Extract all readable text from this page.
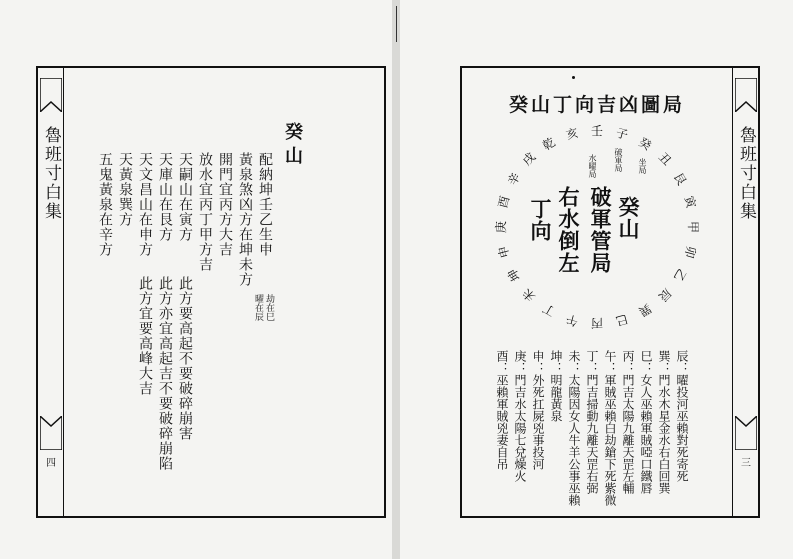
魯班寸白集
四
癸山
配納坤壬乙生申
劫在巳
曜在辰
黃泉煞凶方在坤未方
開門宜丙方大吉
放水宜丙丁甲方吉
天嗣山在寅方
此方要高起不要破碎崩害
天庫山在艮方
此方亦宜高起吉不要破碎崩陷
天文昌山在申方
此方宜要高峰大吉
天黃泉巽方
五鬼黃泉在辛方
癸山丁向吉凶圖局
壬 子
癸
丑
艮
寅
甲
卯
乙
辰
巽
巳
丙
午
丁
未
坤
申
庚
酉
辛
戌
乾
亥
坐局
破軍局
水曜局
癸山
破軍管局
右水倒左
丁向
辰：曜投河巫賴對死寄死
巽：門水木星金水右白回巽
巳：女人巫賴軍賊啞口鐵唇
丙：門吉太陽九離天罡左輔
午：軍賊巫賴白劫鎗下死紫微
丁：門吉掃動九離天罡右弼
未：太陽因女人牛羊公事巫賴
坤：明龍黃泉
申：外死扛屍兇事投河
庚：門吉水太陽七兌燥火
酉：巫賴軍賊兇妻自吊
魯班寸白集
三
